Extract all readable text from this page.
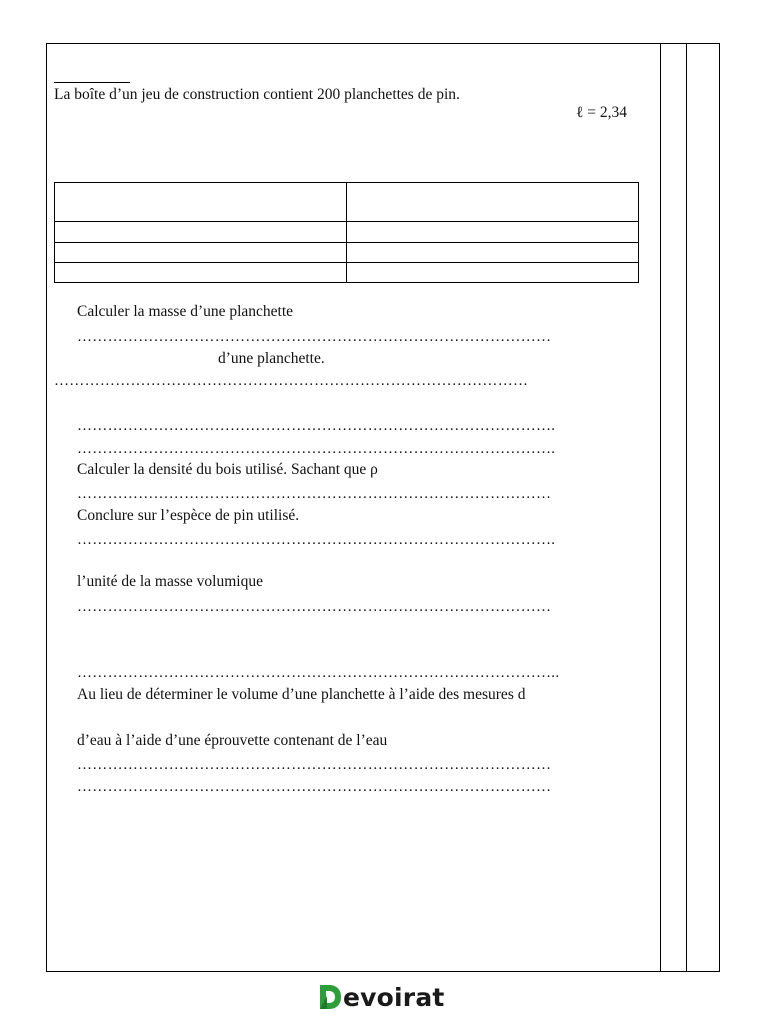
La boîte d’un jeu de construction contient 200 planchettes de pin.
ℓ = 2,34

Calculer la masse d’une planchette
…………………………………………………………………………………
d’une planchette.
…………………………………………………………………………………
………………………………………………………………………………….
………………………………………………………………………………….
Calculer la densité du bois utilisé. Sachant que ρ
…………………………………………………………………………………
Conclure sur l’espèce de pin utilisé.
………………………………………………………………………………….
l’unité de la masse volumique
…………………………………………………………………………………
…………………………………………………………………………………..
Au lieu de déterminer le volume d’une planchette à l’aide des mesures d
d’eau à l’aide d’une éprouvette contenant de l’eau
…………………………………………………………………………………
…………………………………………………………………………………
evoirat
